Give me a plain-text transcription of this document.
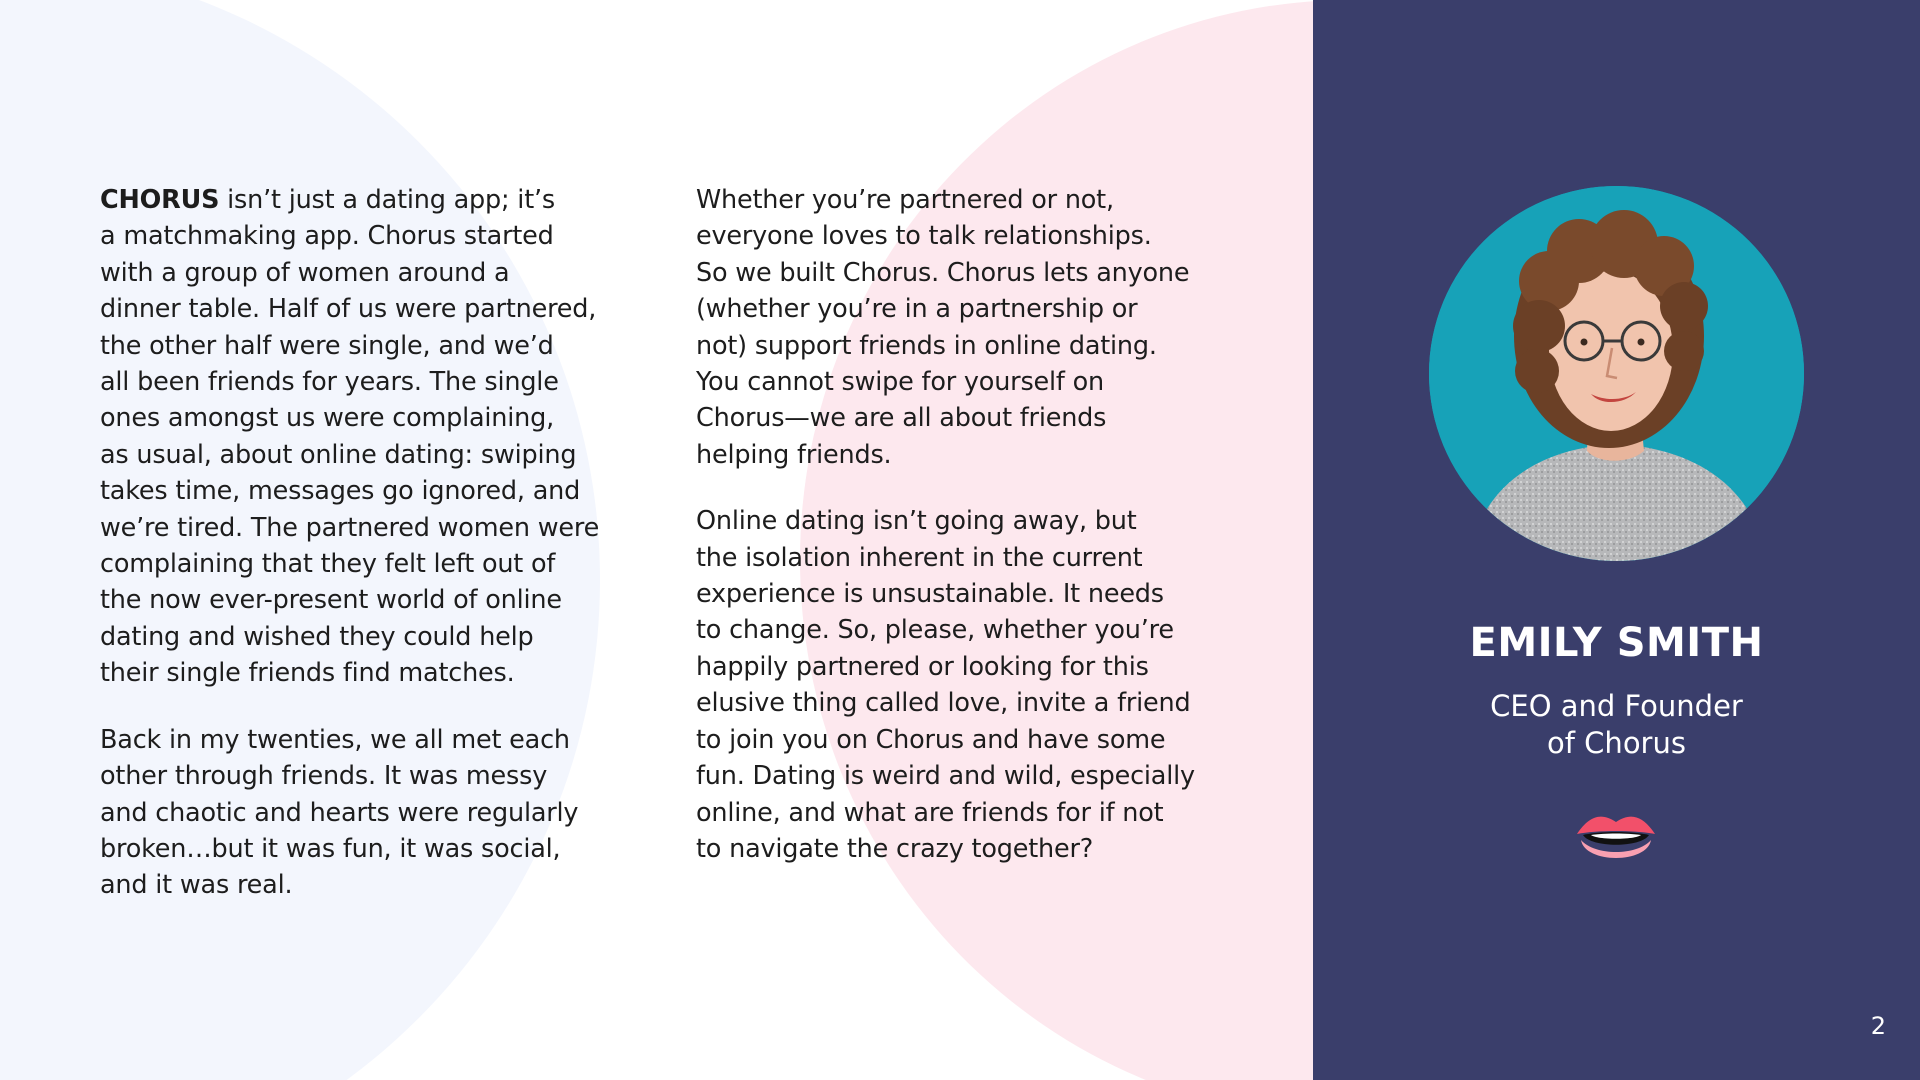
CHORUS isn’t just a dating app; it’s
a matchmaking app. Chorus started
with a group of women around a
dinner table. Half of us were partnered,
the other half were single, and we’d
all been friends for years. The single
ones amongst us were complaining,
as usual, about online dating: swiping
takes time, messages go ignored, and
we’re tired. The partnered women were
complaining that they felt left out of
the now ever-present world of online
dating and wished they could help
their single friends find matches.

Back in my twenties, we all met each
other through friends. It was messy
and chaotic and hearts were regularly
broken…but it was fun, it was social,
and it was real.

Whether you’re partnered or not,
everyone loves to talk relationships.
So we built Chorus. Chorus lets anyone
(whether you’re in a partnership or
not) support friends in online dating.
You cannot swipe for yourself on
Chorus—we are all about friends
helping friends.

Online dating isn’t going away, but
the isolation inherent in the current
experience is unsustainable. It needs
to change. So, please, whether you’re
happily partnered or looking for this
elusive thing called love, invite a friend
to join you on Chorus and have some
fun. Dating is weird and wild, especially
online, and what are friends for if not
to navigate the crazy together?

EMILY SMITH
CEO and Founder
of Chorus
2
